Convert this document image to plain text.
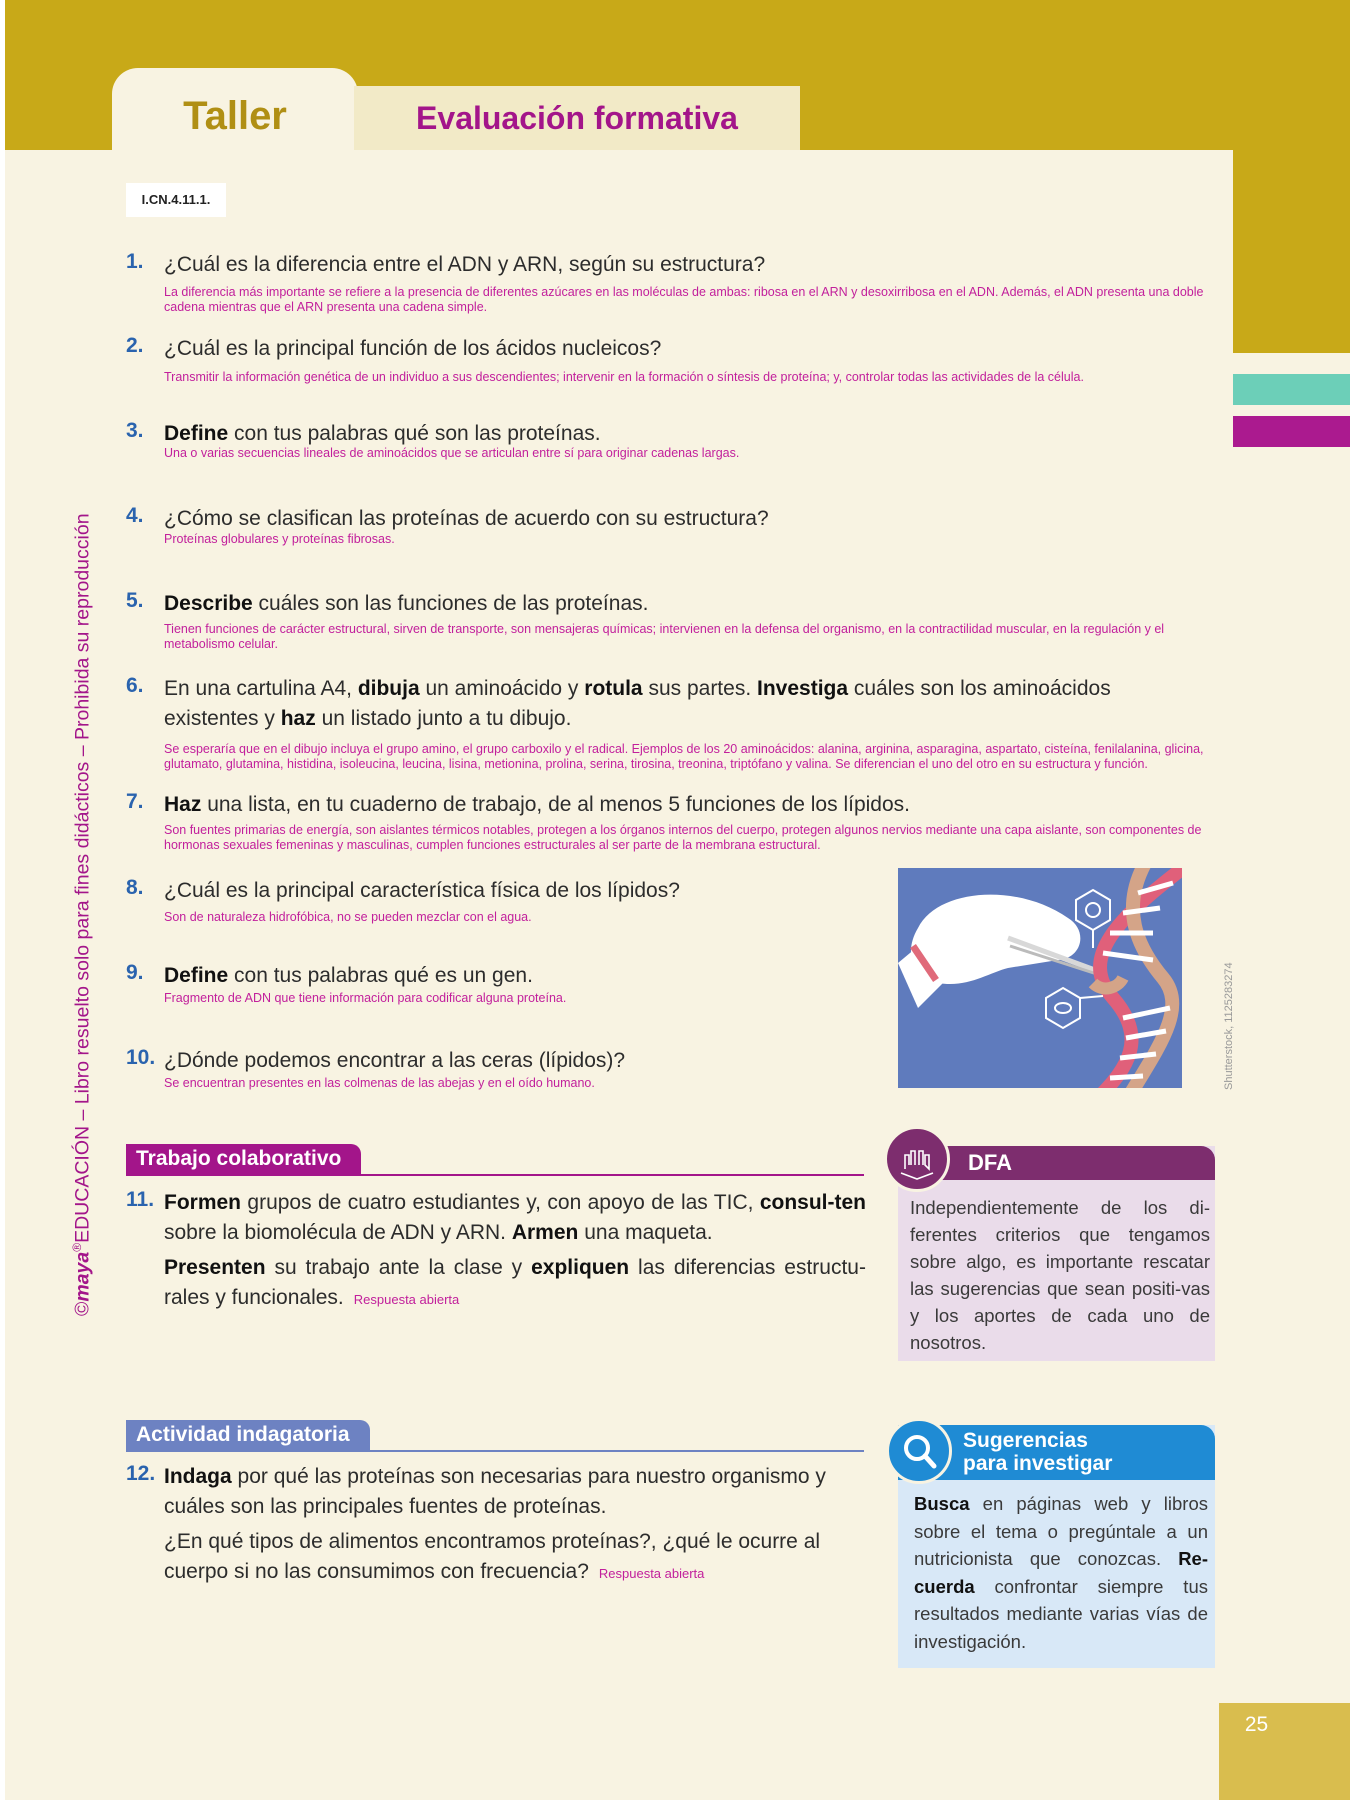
25
Taller	Evaluación formativa
I.CN.4.11.1.
©maya®EDUCACIÓN – Libro resuelto solo para fines didácticos – Prohibida su reproducción
1. ¿Cuál es la diferencia entre el ADN y ARN, según su estructura?
La diferencia más importante se refiere a la presencia de diferentes azúcares en las moléculas de ambas: ribosa en el ARN y desoxirribosa en el ADN. Además, el ADN presenta una doble cadena mientras que el ARN presenta una cadena simple.
2. ¿Cuál es la principal función de los ácidos nucleicos?
Transmitir la información genética de un individuo a sus descendientes; intervenir en la formación o síntesis de proteína; y, controlar todas las actividades de la célula.
3. Define con tus palabras qué son las proteínas.
Una o varias secuencias lineales de aminoácidos que se articulan entre sí para originar cadenas largas.
4. ¿Cómo se clasifican las proteínas de acuerdo con su estructura?
Proteínas globulares y proteínas fibrosas.
5. Describe cuáles son las funciones de las proteínas.
Tienen funciones de carácter estructural, sirven de transporte, son mensajeras químicas; intervienen en la defensa del organismo, en la contractilidad muscular, en la regulación y el metabolismo celular.
6. En una cartulina A4, dibuja un aminoácido y rotula sus partes. Investiga cuáles son los aminoácidos existentes y haz un listado junto a tu dibujo.
Se esperaría que en el dibujo incluya el grupo amino, el grupo carboxilo y el radical. Ejemplos de los 20 aminoácidos: alanina, arginina, asparagina, aspartato, cisteína, fenilalanina, glicina, glutamato, glutamina, histidina, isoleucina, leucina, lisina, metionina, prolina, serina, tirosina, treonina, triptófano y valina. Se diferencian el uno del otro en su estructura y función.
7. Haz una lista, en tu cuaderno de trabajo, de al menos 5 funciones de los lípidos.
Son fuentes primarias de energía, son aislantes térmicos notables, protegen a los órganos internos del cuerpo, protegen algunos nervios mediante una capa aislante, son componentes de hormonas sexuales femeninas y masculinas, cumplen funciones estructurales al ser parte de la membrana estructural.
8. ¿Cuál es la principal característica física de los lípidos?
Son de naturaleza hidrofóbica, no se pueden mezclar con el agua.
9. Define con tus palabras qué es un gen.
Fragmento de ADN que tiene información para codificar alguna proteína.
10. ¿Dónde podemos encontrar a las ceras (lípidos)?
Se encuentran presentes en las colmenas de las abejas y en el oído humano.	Shutterstock, 1125283274
Trabajo colaborativo
11. Formen grupos de cuatro estudiantes y, con apoyo de las TIC, consul-ten sobre la biomolécula de ADN y ARN. Armen una maqueta.
Presenten su trabajo ante la clase y expliquen las diferencias estructu-rales y funcionales. Respuesta abierta
DFA
Independientemente de los di-ferentes criterios que tengamos sobre algo, es importante rescatar las sugerencias que sean positi-vas y los aportes de cada uno de nosotros.
Actividad indagatoria
12. Indaga por qué las proteínas son necesarias para nuestro organismo y cuáles son las principales fuentes de proteínas.
¿En qué tipos de alimentos encontramos proteínas?, ¿qué le ocurre al cuerpo si no las consumimos con frecuencia? Respuesta abierta
Sugerencias
para investigar
Busca en páginas web y libros sobre el tema o pregúntale a un nutricionista que conozcas. Re-cuerda confrontar siempre tus resultados mediante varias vías de investigación.
